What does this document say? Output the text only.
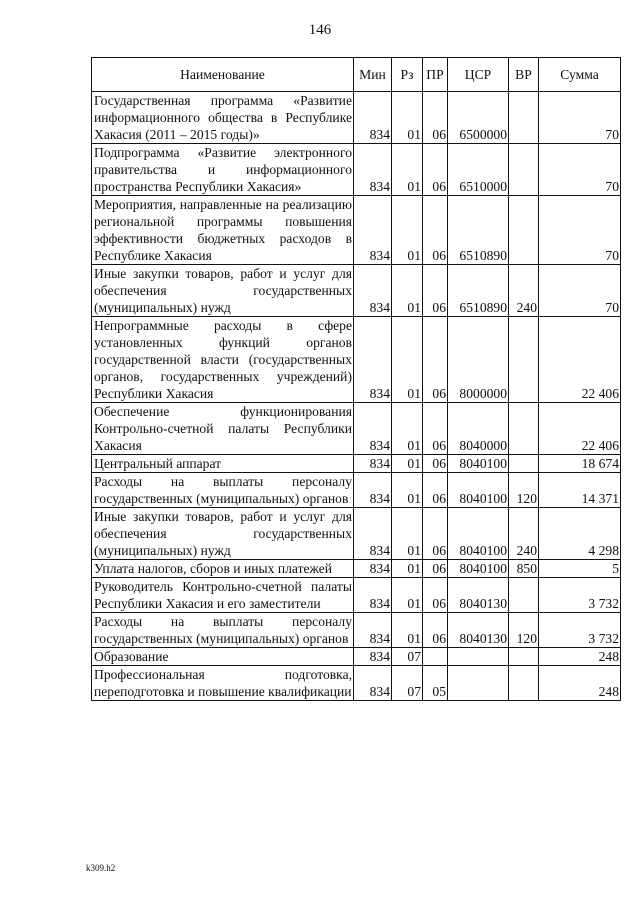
146
Наименование	Мин	Рз	ПР	ЦСР	ВР	Сумма
Государственная программа «Развитие информационного общества в Республике Хакасия (2011 – 2015 годы)»	834	01	06	6500000		70
Подпрограмма «Развитие электронного правительства и информационного пространства Республики Хакасия»	834	01	06	6510000		70
Мероприятия, направленные на реализацию региональной программы повышения эффективности бюджетных расходов в Республике Хакасия	834	01	06	6510890		70
Иные закупки товаров, работ и услуг для обеспечения государственных (муниципальных) нужд	834	01	06	6510890	240	70
Непрограммные расходы в сфере установленных функций органов государственной власти (государственных органов, государственных учреждений) Республики Хакасия	834	01	06	8000000		22 406
Обеспечение функционирования Контрольно-счетной палаты Республики Хакасия	834	01	06	8040000		22 406
Центральный аппарат	834	01	06	8040100		18 674
Расходы на выплаты персоналу государственных (муниципальных) органов	834	01	06	8040100	120	14 371
Иные закупки товаров, работ и услуг для обеспечения государственных (муниципальных) нужд	834	01	06	8040100	240	4 298
Уплата налогов, сборов и иных платежей	834	01	06	8040100	850	5
Руководитель Контрольно-счетной палаты Республики Хакасия и его заместители	834	01	06	8040130		3 732
Расходы на выплаты персоналу государственных (муниципальных) органов	834	01	06	8040130	120	3 732
Образование	834	07				248
Профессиональная подготовка, переподготовка и повышение квалификации	834	07	05			248
k309.h2
